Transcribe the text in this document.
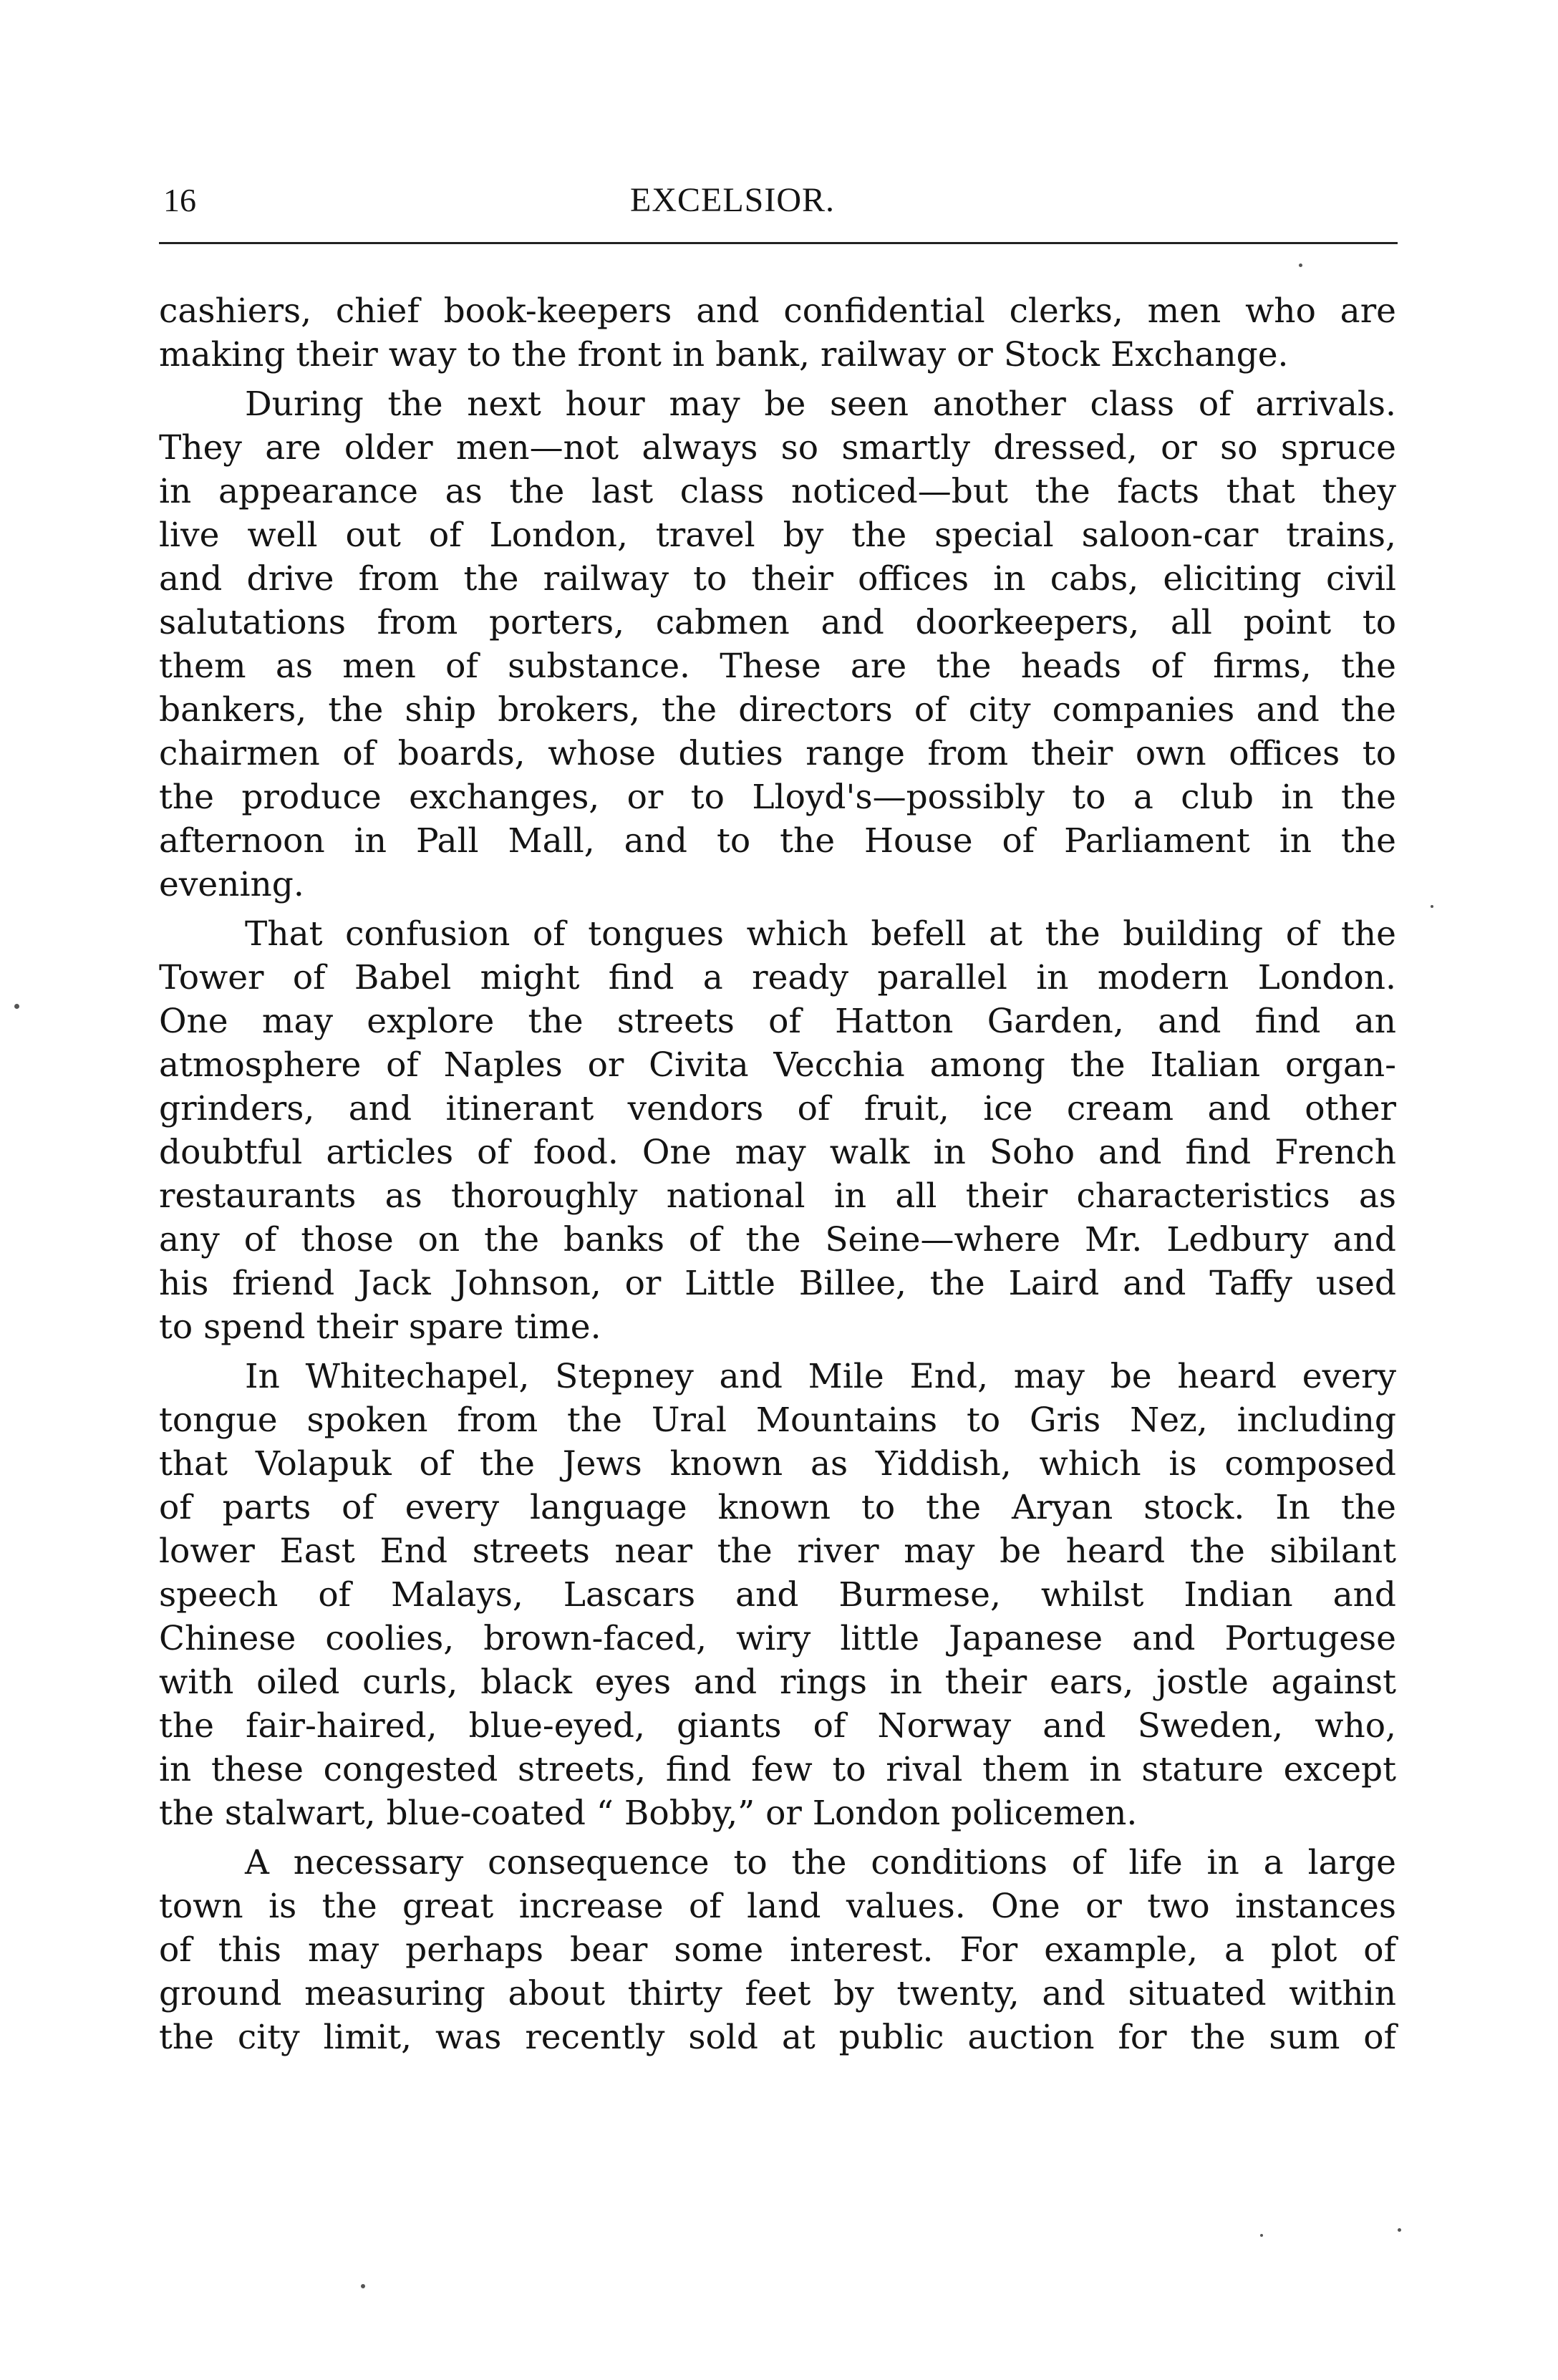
16	EXCELSIOR.
cashiers, chief book-keepers and confidential clerks, men who are
making their way to the front in bank, railway or Stock Exchange.
During the next hour may be seen another class of arrivals.
They are older men—not always so smartly dressed, or so spruce
in appearance as the last class noticed—but the facts that they
live well out of London, travel by the special saloon-car trains,
and drive from the railway to their offices in cabs, eliciting civil
salutations from porters, cabmen and doorkeepers, all point to
them as men of substance. These are the heads of firms, the
bankers, the ship brokers, the directors of city companies and the
chairmen of boards, whose duties range from their own offices to
the produce exchanges, or to Lloyd's—possibly to a club in the
afternoon in Pall Mall, and to the House of Parliament in the
evening.
That confusion of tongues which befell at the building of the
Tower of Babel might find a ready parallel in modern London.
One may explore the streets of Hatton Garden, and find an
atmosphere of Naples or Civita Vecchia among the Italian organ-
grinders, and itinerant vendors of fruit, ice cream and other
doubtful articles of food. One may walk in Soho and find French
restaurants as thoroughly national in all their characteristics as
any of those on the banks of the Seine—where Mr. Ledbury and
his friend Jack Johnson, or Little Billee, the Laird and Taffy used
to spend their spare time.
In Whitechapel, Stepney and Mile End, may be heard every
tongue spoken from the Ural Mountains to Gris Nez, including
that Volapuk of the Jews known as Yiddish, which is composed
of parts of every language known to the Aryan stock. In the
lower East End streets near the river may be heard the sibilant
speech of Malays, Lascars and Burmese, whilst Indian and
Chinese coolies, brown-faced, wiry little Japanese and Portugese
with oiled curls, black eyes and rings in their ears, jostle against
the fair-haired, blue-eyed, giants of Norway and Sweden, who,
in these congested streets, find few to rival them in stature except
the stalwart, blue-coated “ Bobby,” or London policemen.
A necessary consequence to the conditions of life in a large
town is the great increase of land values. One or two instances
of this may perhaps bear some interest. For example, a plot of
ground measuring about thirty feet by twenty, and situated within
the city limit, was recently sold at public auction for the sum of
